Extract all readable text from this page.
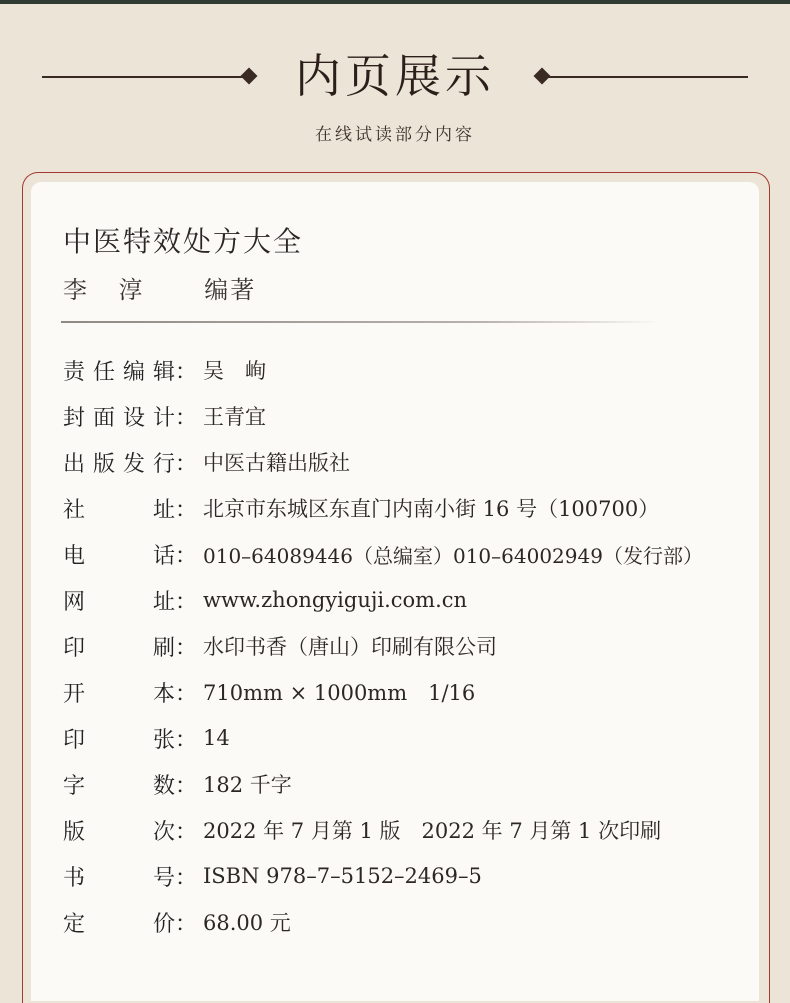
内页展示
在线试读部分内容
中医特效处方大全
李 淳 编著
责 任 编 辑 ： 吴　峋
封 面 设 计 ： 王青宜
出 版 发 行 ： 中医古籍出版社
社	址 ： 北京市东城区东直门内南小街 16 号（100700）
电	话 ： 010–64089446（总编室）010–64002949（发行部）
网	址 ： www.zhongyiguji.com.cn
印	刷 ： 水印书香（唐山）印刷有限公司
开	本 ： 710mm × 1000mm　1/16
印	张 ： 14
字	数 ： 182 千字
版	次 ： 2022 年 7 月第 1 版　2022 年 7 月第 1 次印刷
书	号 ： ISBN 978–7–5152–2469–5
定	价 ： 68.00 元
